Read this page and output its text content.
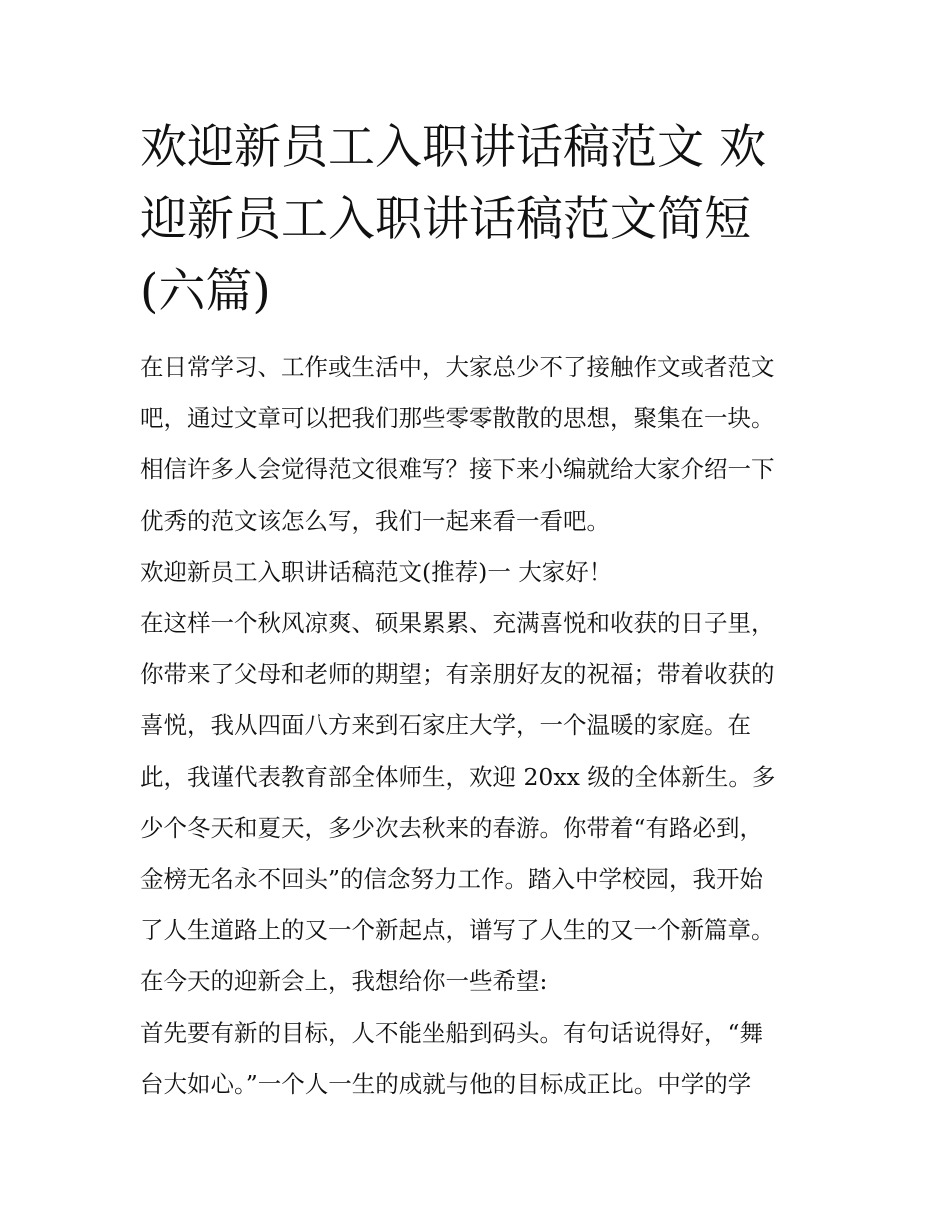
欢迎新员工入职讲话稿范文 欢
迎新员工入职讲话稿范文简短
(六篇)

在日常学习、工作或生活中，大家总少不了接触作文或者范文
吧，通过文章可以把我们那些零零散散的思想，聚集在一块。
相信许多人会觉得范文很难写？接下来小编就给大家介绍一下
优秀的范文该怎么写，我们一起来看一看吧。

欢迎新员工入职讲话稿范文(推荐)一 大家好！

在这样一个秋风凉爽、硕果累累、充满喜悦和收获的日子里，
你带来了父母和老师的期望；有亲朋好友的祝福；带着收获的
喜悦，我从四面八方来到石家庄大学，一个温暖的家庭。在
此，我谨代表教育部全体师生，欢迎 20xx 级的全体新生。多
少个冬天和夏天，多少次去秋来的春游。你带着“有路必到，
金榜无名永不回头”的信念努力工作。踏入中学校园，我开始
了人生道路上的又一个新起点，谱写了人生的又一个新篇章。
在今天的迎新会上，我想给你一些希望:

首先要有新的目标，人不能坐船到码头。有句话说得好，“舞
台大如心。”一个人一生的成就与他的目标成正比。中学的学
